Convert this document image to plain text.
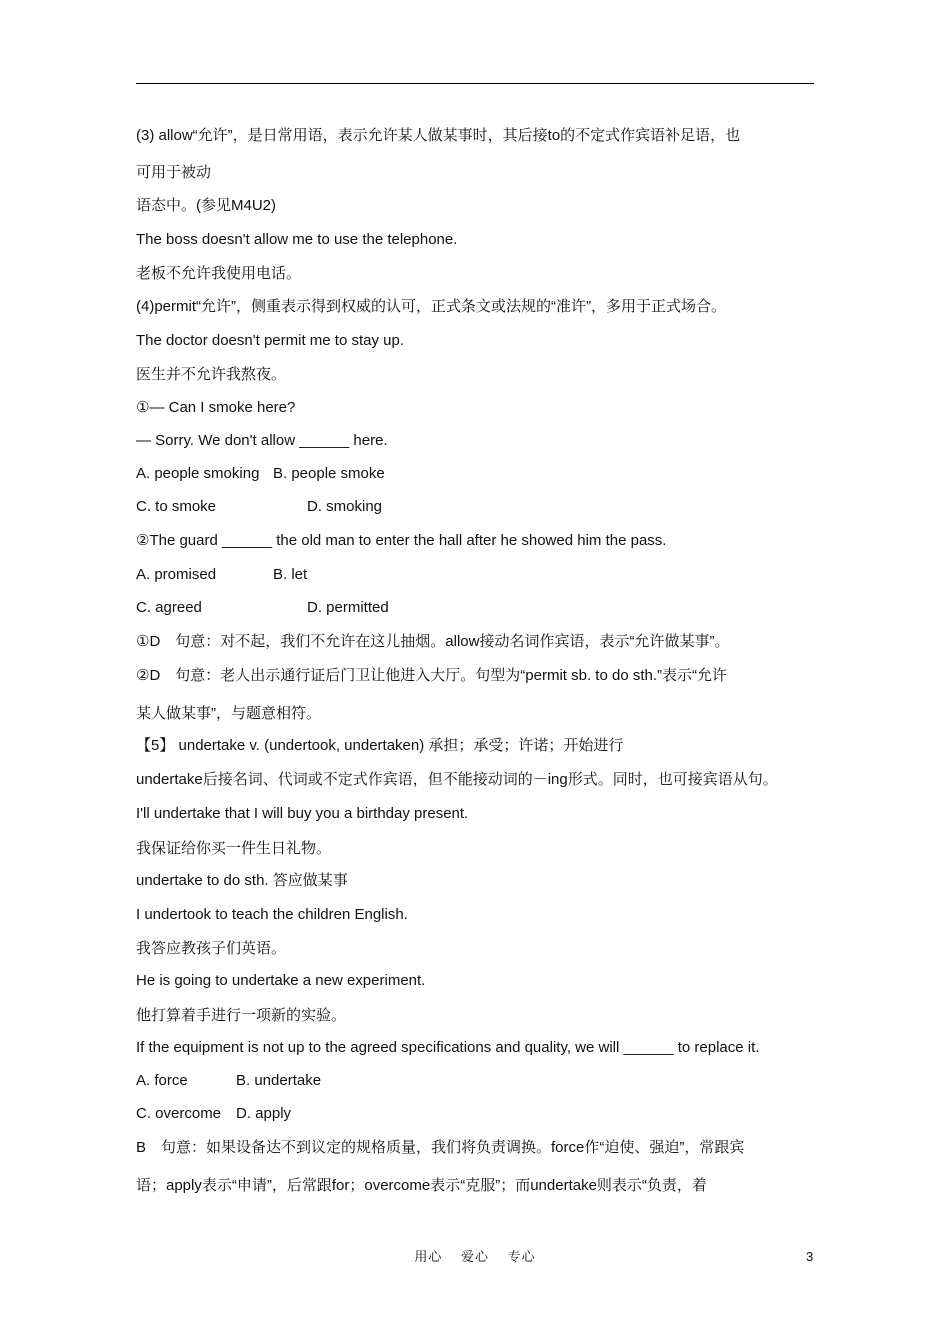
(3) allow“允许”，是日常用语，表示允许某人做某事时，其后接to的不定式作宾语补足语，也
可用于被动
语态中。(参见M4U2)
The boss doesn't allow me to use the telephone.
老板不允许我使用电话。
(4)permit“允许”，侧重表示得到权威的认可，正式条文或法规的“准许”，多用于正式场合。
The doctor doesn't permit me to stay up.
医生并不允许我熬夜。
①— Can I smoke here?
— Sorry. We don't allow ______ here.
A. people smoking B. people smoke
C. to smoke	D. smoking
②The guard ______ the old man to enter the hall after he showed him the pass.
A. promised	B. let
C. agreed	D. permitted
①D　句意：对不起，我们不允许在这儿抽烟。allow接动名词作宾语，表示“允许做某事”。
②D　句意：老人出示通行证后门卫让他进入大厅。句型为“permit sb. to do sth.”表示“允许
某人做某事”，与题意相符。
【5】 undertake v. (undertook, undertaken) 承担；承受；许诺；开始进行
undertake后接名词、代词或不定式作宾语，但不能接动词的－ing形式。同时，也可接宾语从句。
I'll undertake that I will buy you a birthday present.
我保证给你买一件生日礼物。
undertake to do sth. 答应做某事
I undertook to teach the children English.
我答应教孩子们英语。
He is going to undertake a new experiment.
他打算着手进行一项新的实验。
If the equipment is not up to the agreed specifications and quality, we will ______ to replace it.
A. force	B. undertake
C. overcome D. apply
B　句意：如果设备达不到议定的规格质量，我们将负责调换。force作“迫使、强迫”，常跟宾
语；apply表示“申请”，后常跟for；overcome表示“克服”；而undertake则表示“负责，着
用心 爱心 专心	3
